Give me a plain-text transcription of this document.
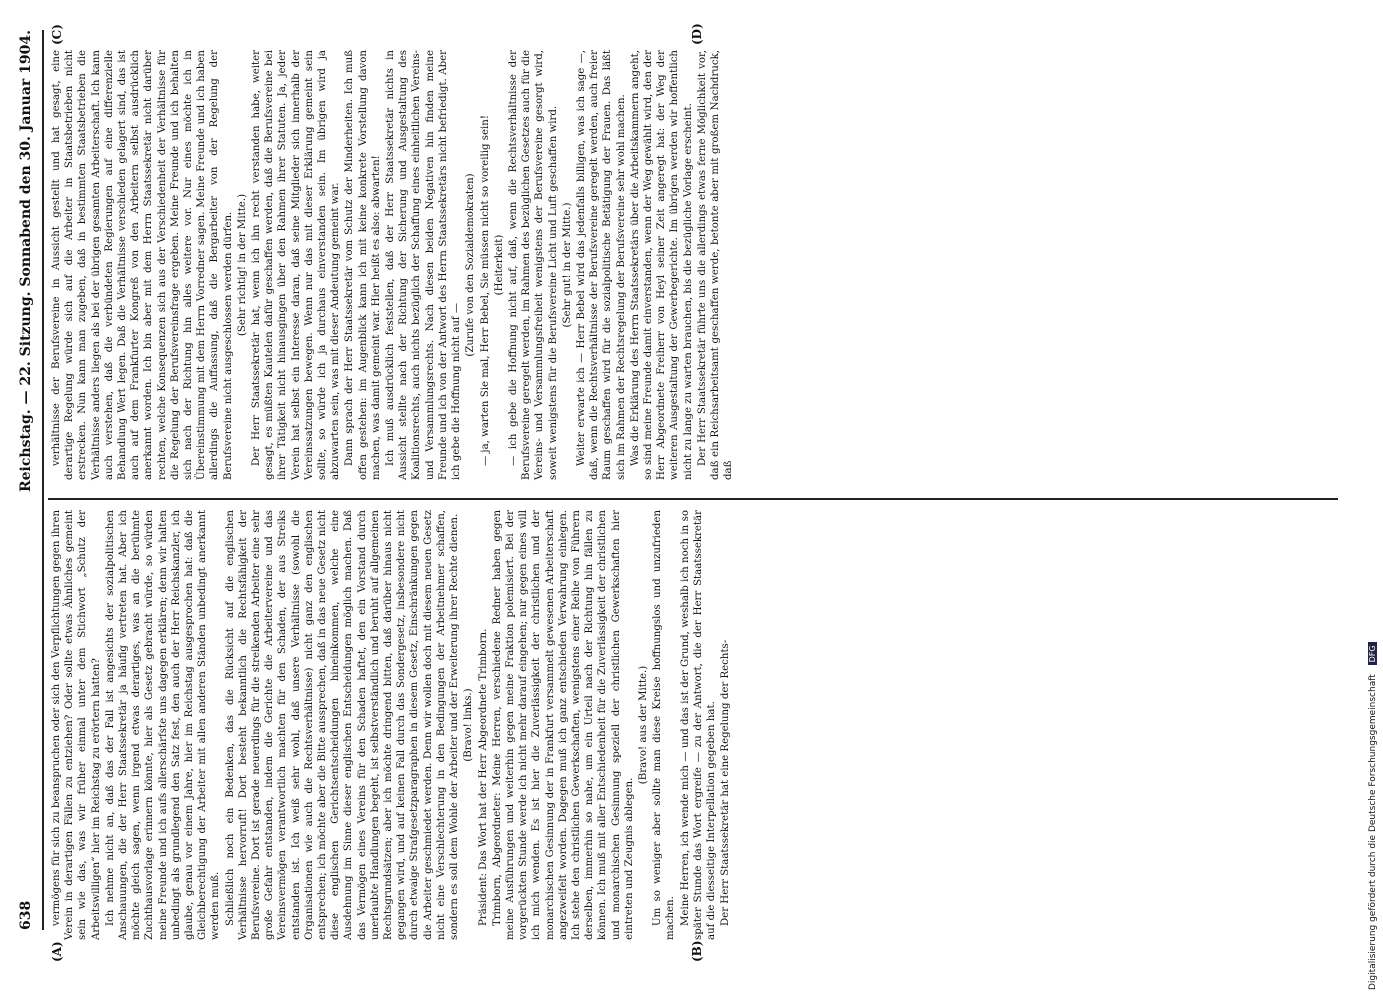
638
Reichstag. — 22. Sitzung. Sonnabend den 30. Januar 1904.
(A)	(B)
(C)	(D)

vermögens für sich zu beanspruchen oder sich den Verpflichtungen gegen ihren Verein in derartigen Fällen zu entziehen? Oder sollte etwas Ähnliches gemeint sein wie das, was wir früher einmal unter dem Stichwort „Schutz der Arbeitswilligen“ hier im Reichstag zu erörtern hatten? Ich nehme nicht an, daß das der Fall ist angesichts der sozialpolitischen Anschauungen, die der Herr Staatssekretär ja häufig vertreten hat. Aber ich möchte gleich sagen, wenn irgend etwas derartiges, was an die berühmte Zuchthausvorlage erinnern könnte, hier als Gesetz gebracht würde, so würden meine Freunde und ich aufs allerschärfste uns dagegen erklären; denn wir halten unbedingt als grundlegend den Satz fest, den auch der Herr Reichskanzler, ich glaube, genau vor einem Jahre, hier im Reichstag ausgesprochen hat: daß die Gleichberechtigung der Arbeiter mit allen anderen Ständen unbedingt anerkannt werden muß. Schließlich noch ein Bedenken, das die Rücksicht auf die englischen Verhältnisse hervorruft! Dort besteht bekanntlich die Rechtsfähigkeit der Berufsvereine. Dort ist gerade neuerdings für die streikenden Arbeiter eine sehr große Gefahr entstanden, indem die Gerichte die Arbeitervereine und das Vereinsvermögen verantwortlich machten für den Schaden, der aus Streiks entstanden ist. Ich weiß sehr wohl, daß unsere Verhältnisse (sowohl die Organisationen wie auch die Rechtsverhältnisse) nicht ganz den englischen entsprechen; ich möchte aber die Bitte aussprechen, daß in das neue Gesetz nicht diese englischen Gerichtsentscheidungen hineinkommen, welche eine Ausdehnung im Sinne dieser englischen Entscheidungen möglich machen. Daß das Vermögen eines Vereins für den Schaden haftet, den ein Vorstand durch unerlaubte Handlungen begeht, ist selbstverständlich und beruht auf allgemeinen Rechtsgrundsätzen; aber ich möchte dringend bitten, daß darüber hinaus nicht gegangen wird, und auf keinen Fall durch das Sondergesetz, insbesondere nicht durch etwaige Strafgesetzparagraphen in diesem Gesetz, Einschränkungen gegen die Arbeiter geschmiedet werden. Denn wir wollen doch mit diesem neuen Gesetz nicht eine Verschlechterung in den Bedingungen der Arbeitnehmer schaffen, sondern es soll dem Wohle der Arbeiter und der Erweiterung ihrer Rechte dienen. (Bravo! links.) Präsident: Das Wort hat der Herr Abgeordnete Trimborn. Trimborn, Abgeordneter: Meine Herren, verschiedene Redner haben gegen meine Ausführungen und weiterhin gegen meine Fraktion polemisiert. Bei der vorgerückten Stunde werde ich nicht mehr darauf eingehen; nur gegen eines will ich mich wenden. Es ist hier die Zuverlässigkeit der christlichen und der monarchischen Gesinnung der in Frankfurt versammelt gewesenen Arbeiterschaft angezweifelt worden. Dagegen muß ich ganz entschieden Verwahrung einlegen. Ich stehe den christlichen Gewerkschaften, wenigstens einer Reihe von Führern derselben, immerhin so nahe, um ein Urteil nach der Richtung hin fällen zu können. Ich muß mit aller Entschiedenheit für die Zuverlässigkeit der christlichen und monarchischen Gesinnung speziell der christlichen Gewerkschaften hier eintreten und Zeugnis ablegen.

(Bravo! aus der Mitte.) Um so weniger aber sollte man diese Kreise hoffnungslos und unzufrieden machen. Meine Herren, ich wende mich — und das ist der Grund, weshalb ich noch in so später Stunde das Wort ergreife — zu der Antwort, die der Herr Staatssekretär auf die diesseitige Interpellation gegeben hat. Der Herr Staatssekretär hat eine Regelung der Rechts-

verhältnisse der Berufsvereine in Aussicht gestellt und hat gesagt, eine derartige Regelung würde sich auf die Arbeiter in Staatsbetrieben nicht erstrecken. Nun kann man zugeben, daß in bestimmten Staatsbetrieben die Verhältnisse anders liegen als bei der übrigen gesamten Arbeiterschaft. Ich kann auch verstehen, daß die verbündeten Regierungen auf eine differenzielle Behandlung Wert legen. Daß die Verhältnisse verschieden gelagert sind, das ist auch auf dem Frankfurter Kongreß von den Arbeitern selbst ausdrücklich anerkannt worden. Ich bin aber mit dem Herrn Staatssekretär nicht darüber rechten, welche Konsequenzen sich aus der Verschiedenheit der Verhältnisse für die Regelung der Berufsvereinsfrage ergeben. Meine Freunde und ich behalten sich nach der Richtung hin alles weitere vor. Nur eines möchte ich in Übereinstimmung mit dem Herrn Vorredner sagen. Meine Freunde und ich haben allerdings die Auffassung, daß die Bergarbeiter von der Regelung der Berufsvereine nicht ausgeschlossen werden dürfen. (Sehr richtig! in der Mitte.) Der Herr Staatssekretär hat, wenn ich ihn recht verstanden habe, weiter gesagt, es müßten Kautelen dafür geschaffen werden, daß die Berufsvereine bei ihrer Tätigkeit nicht hinausgingen über den Rahmen ihrer Statuten. Ja, jeder Verein hat selbst ein Interesse daran, daß seine Mitglieder sich innerhalb der Vereinssatzungen bewegen. Wenn nur das mit dieser Erklärung gemeint sein sollte, so würde ich ja durchaus einverstanden sein. Im übrigen wird ja abzuwarten sein, was mit dieser Andeutung gemeint war. Dann sprach der Herr Staatssekretär vom Schutz der Minderheiten. Ich muß offen gestehen: im Augenblick kann ich mit keine konkrete Vorstellung davon machen, was damit gemeint war. Hier heißt es also: abwarten! Ich muß ausdrücklich feststellen, daß der Herr Staatssekretär nichts in Aussicht stellte nach der Richtung der Sicherung und Ausgestaltung des Koalitionsrechts, auch nichts bezüglich der Schaffung eines einheitlichen Vereins- und Versammlungsrechts. Nach diesen beiden Negativen hin finden meine Freunde und ich von der Antwort des Herrn Staatssekretärs nicht befriedigt. Aber ich gebe die Hoffnung nicht auf —

(Zurufe von den Sozialdemokraten) — ja, warten Sie mal, Herr Bebel, Sie müssen nicht so voreilig sein! (Heiterkeit) — ich gebe die Hoffnung nicht auf, daß, wenn die Rechtsverhältnisse der Berufsvereine geregelt werden, im Rahmen des bezüglichen Gesetzes auch für die Vereins- und Versammlungsfreiheit wenigstens der Berufsvereine gesorgt wird, soweit wenigstens für die Berufsvereine Licht und Luft geschaffen wird. (Sehr gut! in der Mitte.) Weiter erwarte ich — Herr Bebel wird das jedenfalls billigen, was ich sage —, daß, wenn die Rechtsverhältnisse der Berufsvereine geregelt werden, auch freier Raum geschaffen wird für die sozialpolitische Betätigung der Frauen. Das läßt sich im Rahmen der Rechtsregelung der Berufsvereine sehr wohl machen. Was die Erklärung des Herrn Staatssekretärs über die Arbeitskammern angeht, so sind meine Freunde damit einverstanden, wenn der Weg gewählt wird, den der Herr Abgeordnete Freiherr von Heyl seiner Zeit angeregt hat: der Weg der weiteren Ausgestaltung der Gewerbegerichte. Im übrigen werden wir hoffentlich nicht zu lange zu warten brauchen, bis die bezügliche Vorlage erscheint. Der Herr Staatssekretär führte uns die allerdings etwas ferne Möglichkeit vor, daß ein Reichsarbeitsamt geschaffen werde, betonte aber mit großem Nachdruck, daß

Digitalisierung gefördert durch die Deutsche Forschungsgemeinschaft DFG
